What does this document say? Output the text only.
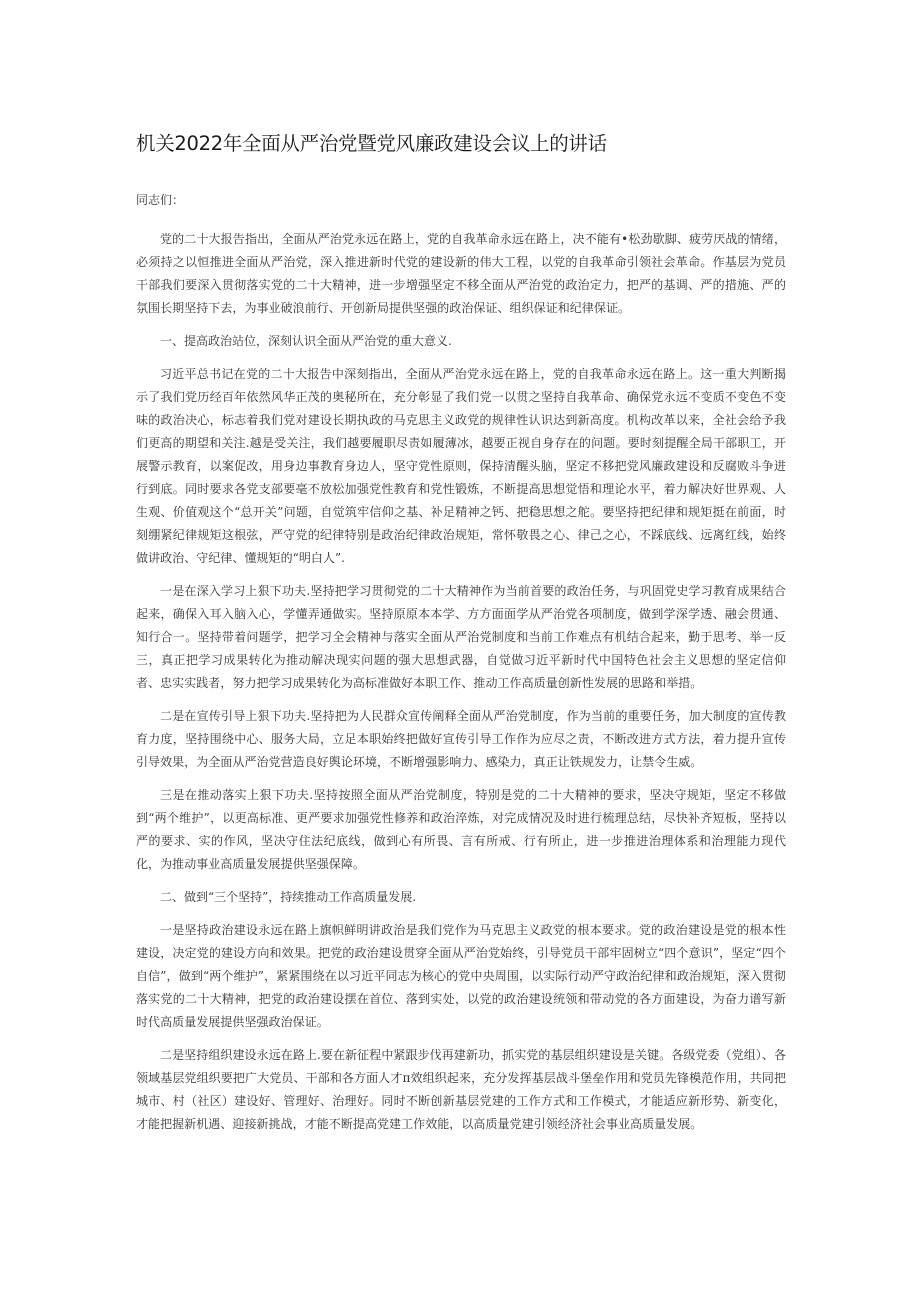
机关2022年全面从严治党暨党风廉政建设会议上的讲话

同志们：

党的二十大报告指出，全面从严治党永远在路上，党的自我革命永远在路上，决不能有•松劲歇脚、疲劳厌战的情绪，必须持之以恒推进全面从严治党，深入推进新时代党的建设新的伟大工程，以党的自我革命引领社会革命。作基层为党员干部我们要深入贯彻落实党的二十大精神，进一步增强坚定不移全面从严治党的政治定力，把严的基调、严的措施、严的氛围长期坚持下去，为事业破浪前行、开创新局提供坚强的政治保证、组织保证和纪律保证。

一、提高政治站位，深刻认识全面从严治党的重大意义.

习近平总书记在党的二十大报告中深刻指出，全面从严治党永远在路上，党的自我革命永远在路上。这一重大判断揭示了我们党历经百年依然风华正茂的奥秘所在，充分彰显了我们党一以贯之坚持自我革命、确保党永远不变质不变色不变味的政治决心，标志着我们党对建设长期执政的马克思主义政党的规律性认识达到新高度。机构改革以来，全社会给予我们更高的期望和关注.越是受关注，我们越要履职尽责如履薄冰，越要正视自身存在的问题。要时刻提醒全局干部职工，开展警示教育，以案促改，用身边事教育身边人，坚守党性原则，保持清醒头脑，坚定不移把党风廉政建设和反腐败斗争进行到底。同时要求各党支部要毫不放松加强党性教育和党性锻炼，不断提高思想觉悟和理论水平，着力解决好世界观、人生观、价值观这个“总开关”问题，自觉筑牢信仰之基、补足精神之钙、把稳思想之舵。要坚持把纪律和规矩挺在前面，时刻绷紧纪律规矩这根弦，严守党的纪律特别是政治纪律政治规矩，常怀敬畏之心、律己之心，不踩底线、远离红线，始终做讲政治、守纪律、懂规矩的“明白人”.

一是在深入学习上狠下功夫.坚持把学习贯彻党的二十大精神作为当前首要的政治任务，与巩固党史学习教育成果结合起来，确保入耳入脑入心，学懂弄通做实。坚持原原本本学、方方面面学从严治党各项制度，做到学深学透、融会贯通、知行合一。坚持带着问题学，把学习全会精神与落实全面从严治党制度和当前工作难点有机结合起来，勤于思考、举一反三，真正把学习成果转化为推动解决现实问题的强大思想武器，自觉做习近平新时代中国特色社会主义思想的坚定信仰者、忠实实践者，努力把学习成果转化为高标准做好本职工作、推动工作高质量创新性发展的思路和举措。

二是在宣传引导上狠下功夫.坚持把为人民群众宣传阐释全面从严治党制度，作为当前的重要任务，加大制度的宣传教育力度，坚持围绕中心、服务大局，立足本职始终把做好宣传引导工作作为应尽之责，不断改进方式方法，着力提升宣传引导效果，为全面从严治党营造良好舆论环境，不断增强影响力、感染力，真正让铁规发力，让禁令生威。

三是在推动落实上狠下功夫.坚持按照全面从严治党制度，特别是党的二十大精神的要求，坚决守规矩，坚定不移做到“两个维护”，以更高标准、更严要求加强党性修养和政治淬炼，对完成情况及时进行梳理总结，尽快补齐短板，坚持以严的要求、实的作风，坚决守住法纪底线，做到心有所畏、言有所戒、行有所止，进一步推进治理体系和治理能力现代化，为推动事业高质量发展提供坚强保障。

二、做到“三个坚持”，持续推动工作高质量发展.

一是坚持政治建设永远在路上旗帜鲜明讲政治是我们党作为马克思主义政党的根本要求。党的政治建设是党的根本性建设，决定党的建设方向和效果。把党的政治建设贯穿全面从严治党始终，引导党员干部牢固树立“四个意识”，坚定“四个自信”，做到“两个维护”，紧紧围绕在以习近平同志为核心的党中央周围，以实际行动严守政治纪律和政治规矩，深入贯彻落实党的二十大精神，把党的政治建设摆在首位、落到实处，以党的政治建设统领和带动党的各方面建设，为奋力谱写新时代高质量发展提供坚强政治保证。

二是坚持组织建设永远在路上.要在新征程中紧跟步伐再建新功，抓实党的基层组织建设是关键。各级党委（党组）、各领域基层党组织要把广大党员、干部和各方面人才π效组织起来，充分发挥基层战斗堡垒作用和党员先锋模范作用，共同把城市、村（社区）建设好、管理好、治理好。同时不断创新基层党建的工作方式和工作模式，才能适应新形势、新变化，才能把握新机遇、迎接新挑战，才能不断提高党建工作效能，以高质量党建引领经济社会事业高质量发展。
